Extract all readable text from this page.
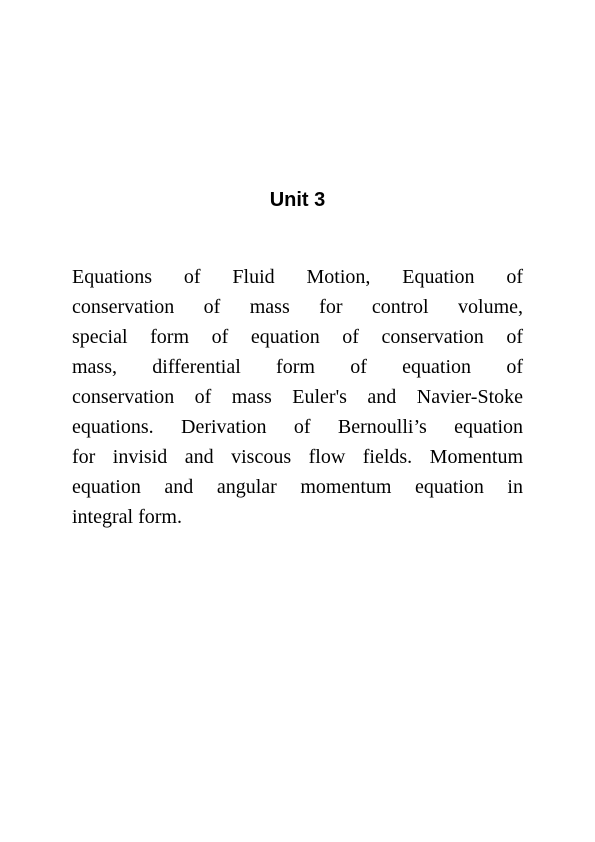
Unit 3
Equations of Fluid Motion, Equation of
conservation of mass for control volume,
special form of equation of conservation of
mass, differential form of equation of
conservation of mass Euler's and Navier-Stoke
equations. Derivation of Bernoulli’s equation
for invisid and viscous flow fields. Momentum
equation and angular momentum equation in
integral form.
